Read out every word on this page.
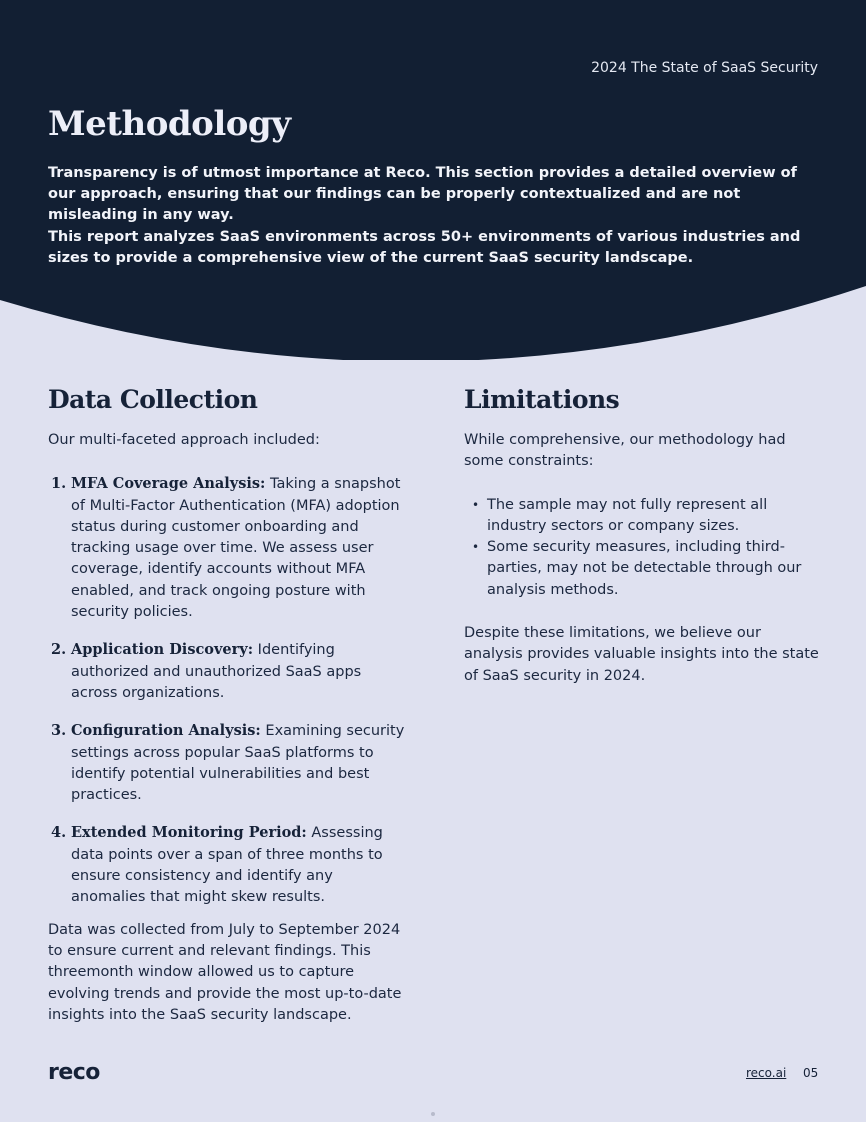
2024 The State of SaaS Security
Methodology

Transparency is of utmost importance at Reco. This section provides a detailed overview of our approach, ensuring that our findings can be properly contextualized and are not misleading in any way.

This report analyzes SaaS environments across 50+ environments of various industries and sizes to provide a comprehensive view of the current SaaS security landscape.

Data Collection

Our multi-faceted approach included:

1. MFA Coverage Analysis: Taking a snapshot of Multi-Factor Authentication (MFA) adoption status during customer onboarding and tracking usage over time. We assess user coverage, identify accounts without MFA enabled, and track ongoing posture with security policies.
2. Application Discovery: Identifying authorized and unauthorized SaaS apps across organizations.
3. Configuration Analysis: Examining security settings across popular SaaS platforms to identify potential vulnerabilities and best practices.
4. Extended Monitoring Period: Assessing data points over a span of three months to ensure consistency and identify any anomalies that might skew results.

Data was collected from July to September 2024 to ensure current and relevant findings. This threemonth window allowed us to capture evolving trends and provide the most up-to-date insights into the SaaS security landscape.

Limitations

While comprehensive, our methodology had some constraints:

• The sample may not fully represent all industry sectors or company sizes.
• Some security measures, including third-parties, may not be detectable through our analysis methods.

Despite these limitations, we believe our analysis provides valuable insights into the state of SaaS security in 2024.

reco	reco.ai 05
